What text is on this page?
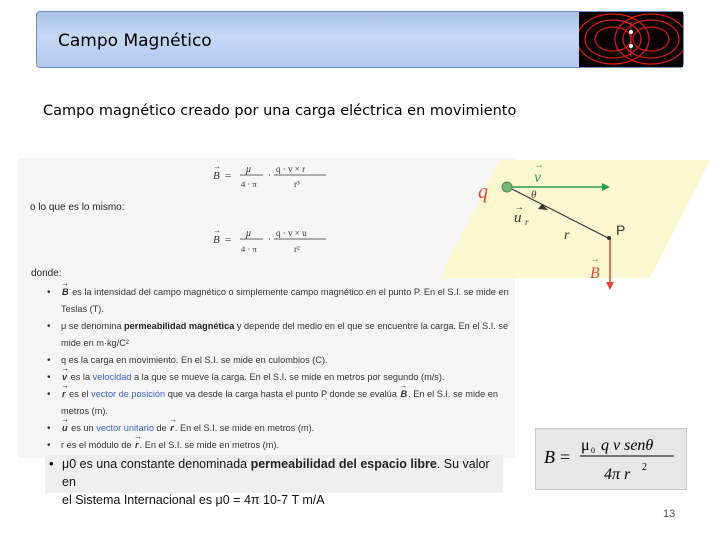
Campo Magnético
Campo magnético creado por una carga eléctrica en movimiento
B
→
=
μ
4 · π
·
q · v × r
r³
o lo que es lo mismo:
B
→
=
μ
4 · π
·
q · v × u
r²
donde:
• → B es la intensidad del campo magnético o simplemente campo magnético en el punto P. En el S.I. se mide en Teslas (T).
• μ se denomina permeabilidad magnética y depende del medio en el que se encuentre la carga. En el S.I. se mide en m·kg/C²
• q es la carga en movimiento. En el S.I. se mide en culombios (C).
• → v es la velocidad a la que se mueve la carga. En el S.I. se mide en metros por segundo (m/s).
• → r es el vector de posición que va desde la carga hasta el punto P donde se evalúa → B. En el S.I. se mide en metros (m).
• → u es un vector unitario de → r. En el S.I. se mide en metros (m).
• r es el módulo de → r. En el S.I. se mide en metros (m).
• μ0 es una constante denominada permeabilidad del espacio libre. Su valor en
el Sistema Internacional es μ0 = 4π 10-7 T m/A
q
v
→
θ
u
→
r
r
B
→
P
B =
μ 0 q v senθ
4π r 2
13
